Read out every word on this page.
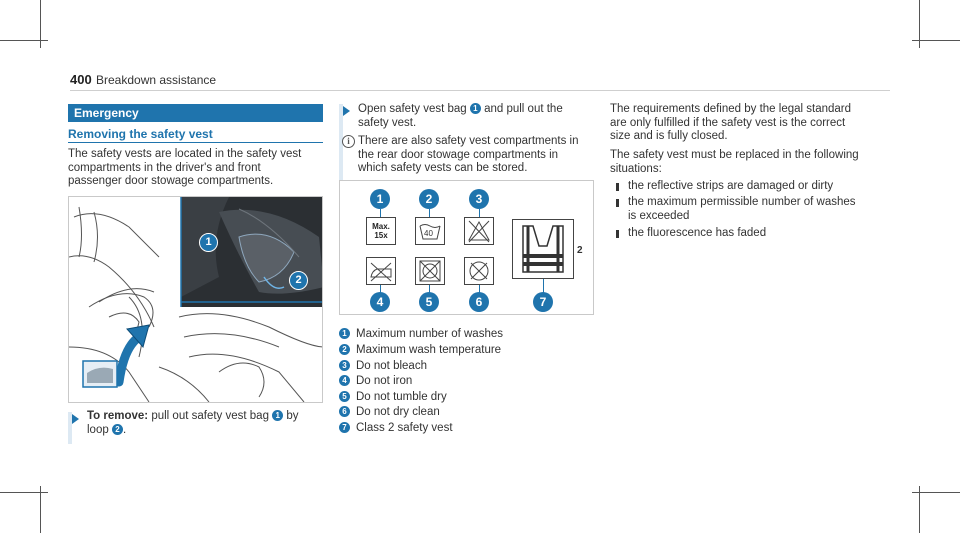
400 Breakdown assistance
Emergency
Removing the safety vest
The safety vests are located in the safety vest
compartments in the driver's and front
passenger door stowage compartments.
1
2
To remove: pull out safety vest bag 1 by
loop 2 .
Open safety vest bag 1 and pull out the
safety vest.
i There are also safety vest compartments in
the rear door stowage compartments in
which safety vests can be stored.
1	2	3
Max.
15x	40
2
4	5	6	7
1 Maximum number of washes
2 Maximum wash temperature
3 Do not bleach
4 Do not iron
5 Do not tumble dry
6 Do not dry clean
7 Class 2 safety vest
The requirements defined by the legal standard
are only fulfilled if the safety vest is the correct
size and is fully closed.
The safety vest must be replaced in the following
situations:
the reflective strips are damaged or dirty
the maximum permissible number of washes
is exceeded
the fluorescence has faded
